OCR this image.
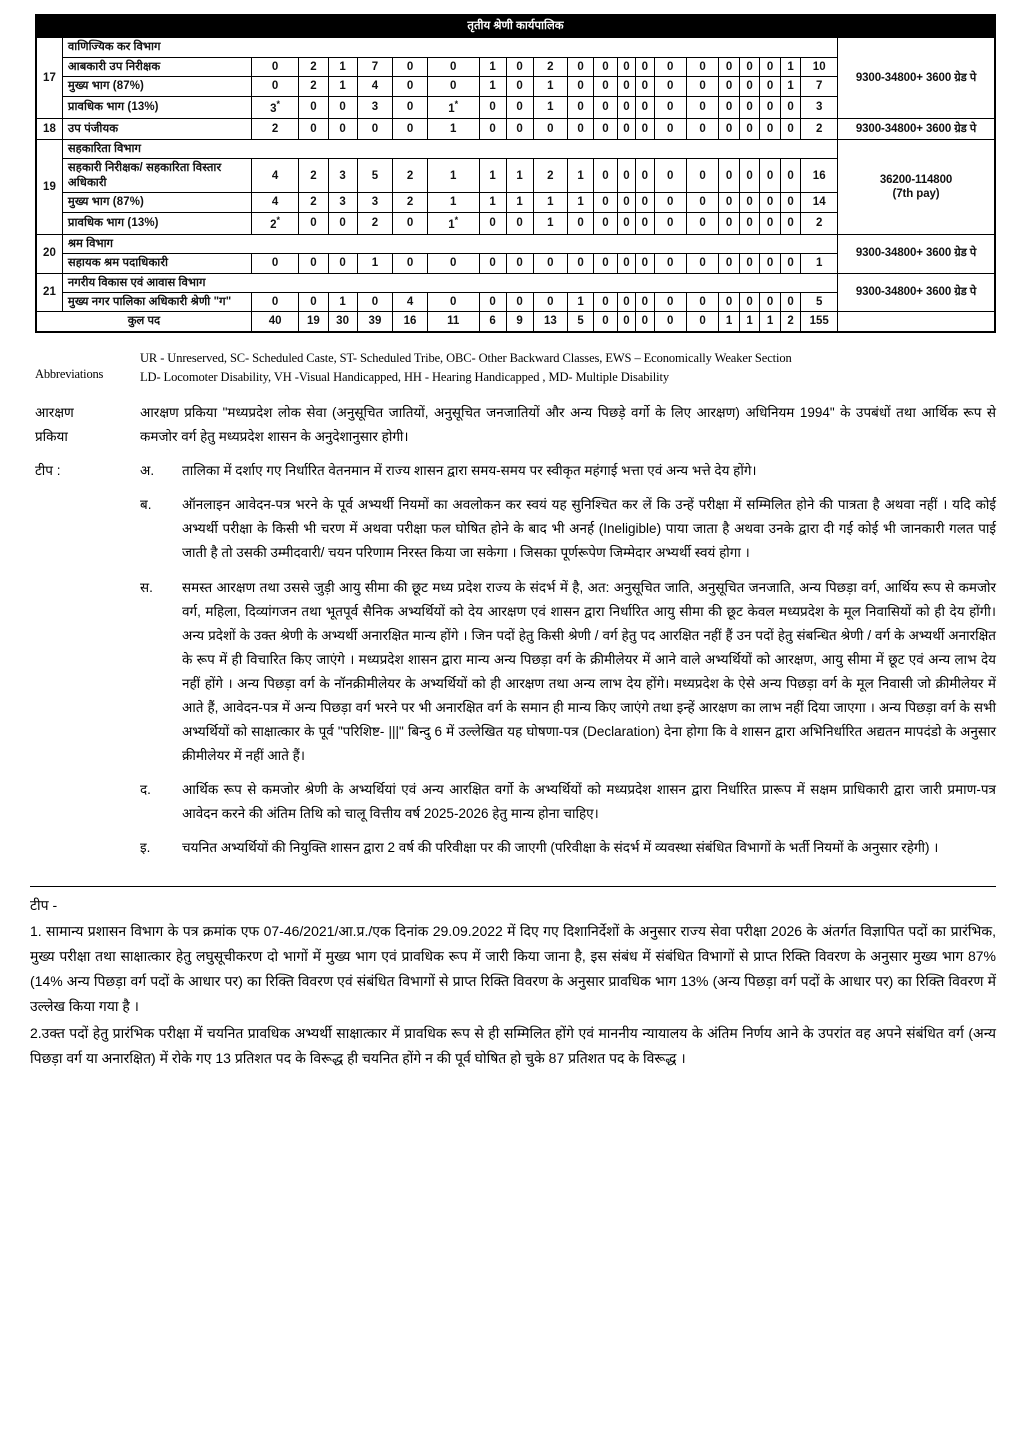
तृतीय श्रेणी कार्यपालिक																						
17	वाणिज्यिक कर विभाग																					9300-34800+ 3600 ग्रेड पे

	आबकारी उप निरीक्षक	0	2	1	7	0	0	1	0	2	0	0	0	0	0	0	0	0	0	1	10	
	मुख्य भाग (87%)	0	2	1	4	0	0	1	0	1	0	0	0	0	0	0	0	0	0	1	7	
	प्रावधिक भाग (13%)	3*	0	0	3	0	1*	0	0	1	0	0	0	0	0	0	0	0	0	0	3	
18	उप पंजीयक	2	0	0	0	0	1	0	0	0	0	0	0	0	0	0	0	0	0	0	2	9300-34800+ 3600 ग्रेड पे

19	सहकारिता विभाग																					36200-114800
(7th pay)

	सहकारी निरीक्षक/ सहकारिता विस्तार अधिकारी	4	2	3	5	2	1	1	1	2	1	0	0	0	0	0	0	0	0	0	16	
	मुख्य भाग (87%)	4	2	3	3	2	1	1	1	1	1	0	0	0	0	0	0	0	0	0	14	
	प्रावधिक भाग (13%)	2*	0	0	2	0	1*	0	0	1	0	0	0	0	0	0	0	0	0	0	2	
20	श्रम विभाग																					9300-34800+ 3600 ग्रेड पे

	सहायक श्रम पदाधिकारी	0	0	0	1	0	0	0	0	0	0	0	0	0	0	0	0	0	0	0	1	
21	नगरीय विकास एवं आवास विभाग																					9300-34800+ 3600 ग्रेड पे

	मुख्य नगर पालिका अधिकारी श्रेणी "ग"	0	0	1	0	4	0	0	0	0	1	0	0	0	0	0	0	0	0	0	5	
कुल पद		40	19	30	39	16	11	6	9	13	5	0	0	0	0	0	1	1	1	2	155	
Abbreviations
UR - Unreserved, SC- Scheduled Caste, ST- Scheduled Tribe, OBC- Other Backward Classes, EWS – Economically Weaker Section
LD- Locomoter Disability, VH -Visual Handicapped, HH - Hearing Handicapped , MD- Multiple Disability
आरक्षण
प्रकिया
आरक्षण प्रकिया "मध्यप्रदेश लोक सेवा (अनुसूचित जातियों, अनुसूचित जनजातियों और अन्य पिछड़े वर्गो के लिए आरक्षण) अधिनियम 1994" के उपबंधों तथा आर्थिक रूप से कमजोर वर्ग हेतु मध्यप्रदेश शासन के अनुदेशानुसार होगी।
टीप :	अ.	तालिका में दर्शाए गए निर्धारित वेतनमान में राज्य शासन द्वारा समय-समय पर स्वीकृत महंगाई भत्ता एवं अन्य भत्ते देय होंगे।
ब.	ऑनलाइन आवेदन-पत्र भरने के पूर्व अभ्यर्थी नियमों का अवलोकन कर स्वयं यह सुनिश्चित कर लें कि उन्हें परीक्षा में सम्मिलित होने की पात्रता है अथवा नहीं । यदि कोई अभ्यर्थी परीक्षा के किसी भी चरण में अथवा परीक्षा फल घोषित होने के बाद भी अनर्ह (Ineligible) पाया जाता है अथवा उनके द्वारा दी गई कोई भी जानकारी गलत पाई जाती है तो उसकी उम्मीदवारी/ चयन परिणाम निरस्त किया जा सकेगा । जिसका पूर्णरूपेण जिम्मेदार अभ्यर्थी स्वयं होगा ।
स.	समस्त आरक्षण तथा उससे जुड़ी आयु सीमा की छूट मध्य प्रदेश राज्य के संदर्भ में है, अत: अनुसूचित जाति, अनुसूचित जनजाति, अन्य पिछड़ा वर्ग, आर्थिय रूप से कमजोर वर्ग, महिला, दिव्यांगजन तथा भूतपूर्व सैनिक अभ्यर्थियों को देय आरक्षण एवं शासन द्वारा निर्धारित आयु सीमा की छूट केवल मध्यप्रदेश के मूल निवासियों को ही देय होंगी। अन्य प्रदेशों के उक्त श्रेणी के अभ्यर्थी अनारक्षित मान्य होंगे । जिन पदों हेतु किसी श्रेणी / वर्ग हेतु पद आरक्षित नहीं हैं उन पदों हेतु संबन्धित श्रेणी / वर्ग के अभ्यर्थी अनारक्षित के रूप में ही विचारित किए जाएंगे । मध्यप्रदेश शासन द्वारा मान्य अन्य पिछड़ा वर्ग के क्रीमीलेयर में आने वाले अभ्यर्थियों को आरक्षण, आयु सीमा में छूट एवं अन्य लाभ देय नहीं होंगे । अन्य पिछड़ा वर्ग के नॉनक्रीमीलेयर के अभ्यर्थियों को ही आरक्षण तथा अन्य लाभ देय होंगे। मध्यप्रदेश के ऐसे अन्य पिछड़ा वर्ग के मूल निवासी जो क्रीमीलेयर में आते हैं, आवेदन-पत्र में अन्य पिछड़ा वर्ग भरने पर भी अनारक्षित वर्ग के समान ही मान्य किए जाएंगे तथा इन्हें आरक्षण का लाभ नहीं दिया जाएगा । अन्य पिछड़ा वर्ग के सभी अभ्यर्थियों को साक्षात्कार के पूर्व "परिशिष्ट- |||" बिन्दु 6 में उल्लेखित यह घोषणा-पत्र (Declaration) देना होगा कि वे शासन द्वारा अभिनिर्धारित अद्यतन मापदंडो के अनुसार क्रीमीलेयर में नहीं आते हैं।
द.	आर्थिक रूप से कमजोर श्रेणी के अभ्यर्थियां एवं अन्य आरक्षित वर्गो के अभ्यर्थियों को मध्यप्रदेश शासन द्वारा निर्धारित प्रारूप में सक्षम प्राधिकारी द्वारा जारी प्रमाण-पत्र आवेदन करने की अंतिम तिथि को चालू वित्तीय वर्ष 2025-2026 हेतु मान्य होना चाहिए।
इ.	चयनित अभ्यर्थियों की नियुक्ति शासन द्वारा 2 वर्ष की परिवीक्षा पर की जाएगी (परिवीक्षा के संदर्भ में व्यवस्था संबंधित विभागों के भर्ती नियमों के अनुसार रहेगी) ।
टीप -

1. सामान्य प्रशासन विभाग के पत्र क्रमांक एफ 07-46/2021/आ.प्र./एक दिनांक 29.09.2022 में दिए गए दिशानिर्देशों के अनुसार राज्य सेवा परीक्षा 2026 के अंतर्गत विज्ञापित पदों का प्रारंभिक, मुख्य परीक्षा तथा साक्षात्कार हेतु लघुसूचीकरण दो भागों में मुख्य भाग एवं प्रावधिक रूप में जारी किया जाना है, इस संबंध में संबंधित विभागों से प्राप्त रिक्ति विवरण के अनुसार मुख्य भाग 87% (14% अन्य पिछड़ा वर्ग पदों के आधार पर) का रिक्ति विवरण एवं संबंधित विभागों से प्राप्त रिक्ति विवरण के अनुसार प्रावधिक भाग 13% (अन्य पिछड़ा वर्ग पदों के आधार पर) का रिक्ति विवरण में उल्लेख किया गया है ।

2.उक्त पदों हेतु प्रारंभिक परीक्षा में चयनित प्रावधिक अभ्यर्थी साक्षात्कार में प्रावधिक रूप से ही सम्मिलित होंगे एवं माननीय न्यायालय के अंतिम निर्णय आने के उपरांत वह अपने संबंधित वर्ग (अन्य पिछड़ा वर्ग या अनारक्षित) में रोके गए 13 प्रतिशत पद के विरूद्ध ही चयनित होंगे न की पूर्व घोषित हो चुके 87 प्रतिशत पद के विरूद्ध ।
